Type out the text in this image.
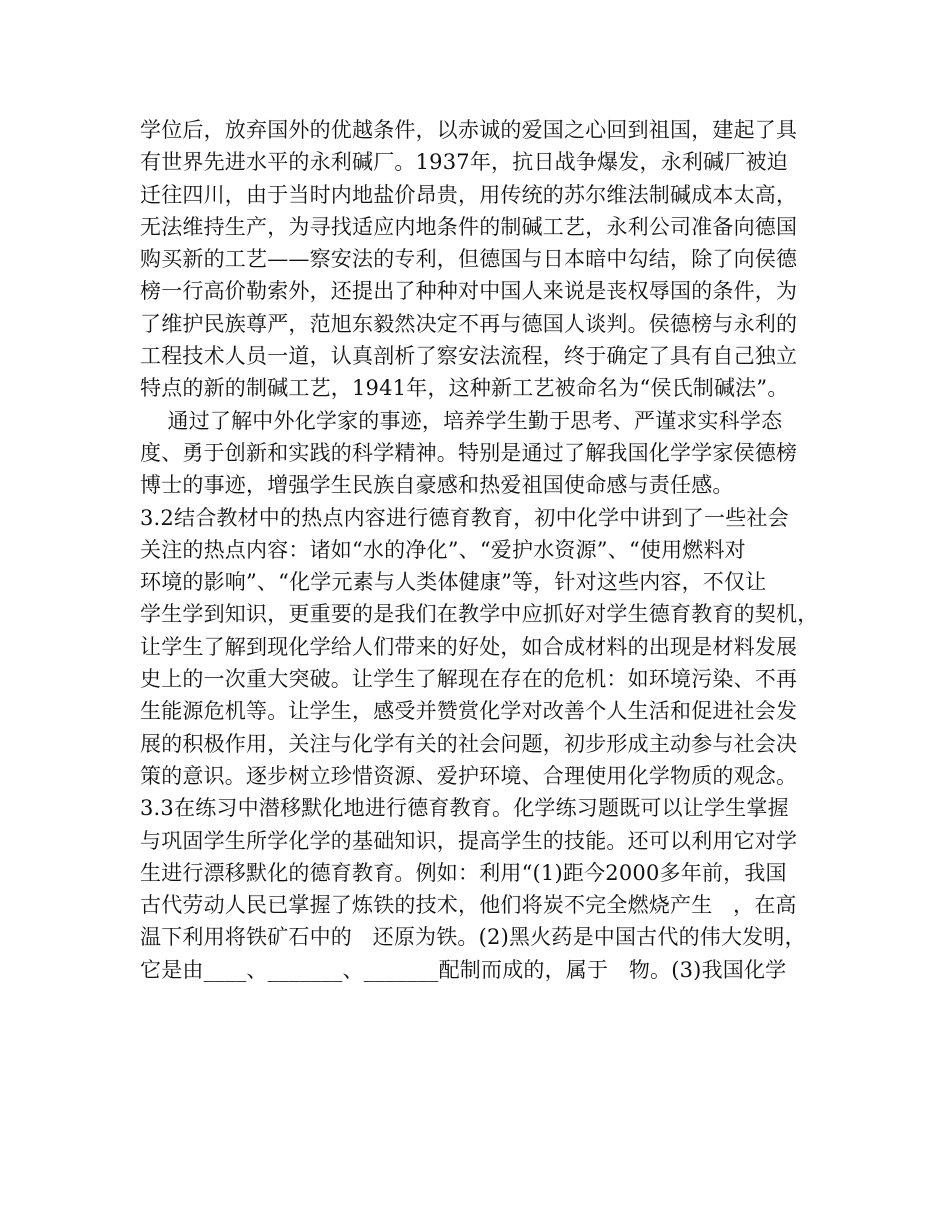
学位后，放弃国外的优越条件，以赤诚的爱国之心回到祖国，建起了具
有世界先进水平的永利碱厂。1937年，抗日战争爆发，永利碱厂被迫
迁往四川，由于当时内地盐价昂贵，用传统的苏尔维法制碱成本太高，
无法维持生产，为寻找适应内地条件的制碱工艺，永利公司准备向德国
购买新的工艺——察安法的专利，但德国与日本暗中勾结，除了向侯德
榜一行高价勒索外，还提出了种种对中国人来说是丧权辱国的条件，为
了维护民族尊严，范旭东毅然决定不再与德国人谈判。侯德榜与永利的
工程技术人员一道，认真剖析了察安法流程，终于确定了具有自己独立
特点的新的制碱工艺，1941年，这种新工艺被命名为“侯氏制碱法”。
通过了解中外化学家的事迹，培养学生勤于思考、严谨求实科学态
度、勇于创新和实践的科学精神。特别是通过了解我国化学学家侯德榜
博士的事迹，增强学生民族自豪感和热爱祖国使命感与责任感。
3.2结合教材中的热点内容进行德育教育，初中化学中讲到了一些社会
关注的热点内容：诸如“水的净化”、“爱护水资源”、“使用燃料对
环境的影响”、“化学元素与人类体健康”等，针对这些内容，不仅让
学生学到知识，更重要的是我们在教学中应抓好对学生德育教育的契机，
让学生了解到现化学给人们带来的好处，如合成材料的出现是材料发展
史上的一次重大突破。让学生了解现在存在的危机：如环境污染、不再
生能源危机等。让学生，感受并赞赏化学对改善个人生活和促进社会发
展的积极作用，关注与化学有关的社会问题，初步形成主动参与社会决
策的意识。逐步树立珍惜资源、爱护环境、合理使用化学物质的观念。
3.3在练习中潜移默化地进行德育教育。化学练习题既可以让学生掌握
与巩固学生所学化学的基础知识，提高学生的技能。还可以利用它对学
生进行漂移默化的德育教育。例如：利用“(1)距今2000多年前，我国
古代劳动人民已掌握了炼铁的技术，他们将炭不完全燃烧产生   ，在高
温下利用将铁矿石中的   还原为铁。(2)黑火药是中国古代的伟大发明，
它是由____、_______、_______配制而成的，属于   物。(3)我国化学
